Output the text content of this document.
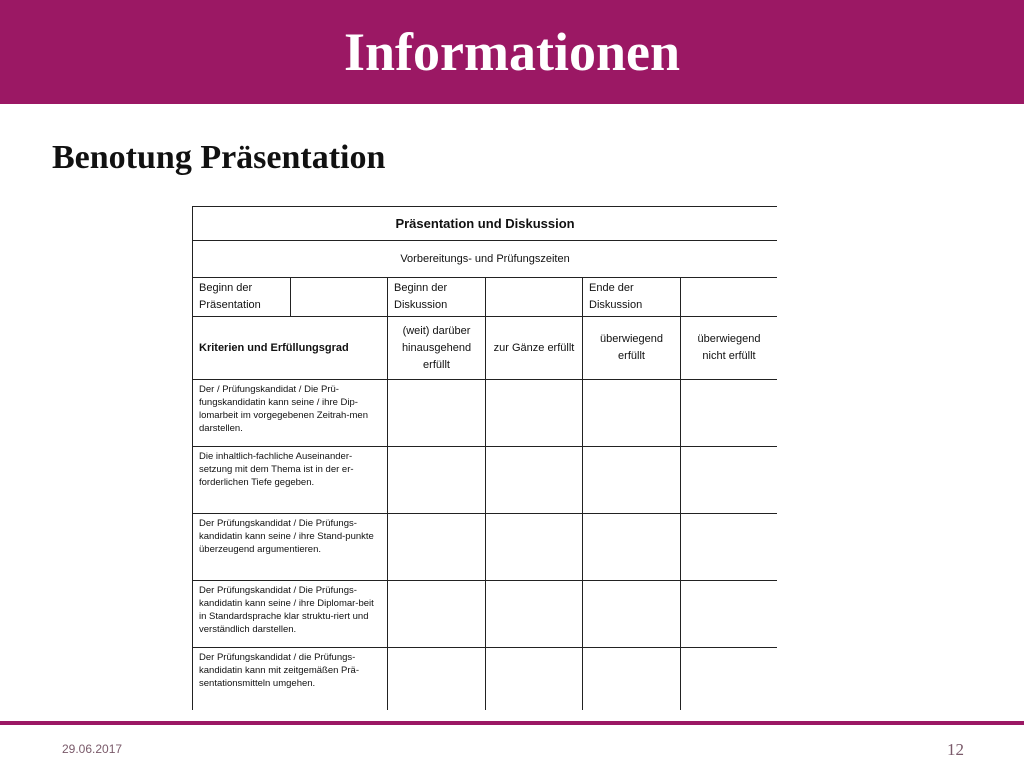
Informationen
Benotung Präsentation
Präsentation und Diskussion					
Vorbereitungs- und Prüfungszeiten					
Beginn der Präsentation		Beginn der Diskussion		Ende der Diskussion	
Kriterien und Erfüllungsgrad		(weit) darüber hinausgehend erfüllt	zur Gänze erfüllt	überwiegend erfüllt	überwiegend nicht erfüllt
Der / Prüfungskandidat / Die Prü-fungskandidatin kann seine / ihre Dip-lomarbeit im vorgegebenen Zeitrah-men darstellen.					
Die inhaltlich-fachliche Auseinander-setzung mit dem Thema ist in der er-forderlichen Tiefe gegeben.					
Der Prüfungskandidat / Die Prüfungs-kandidatin kann seine / ihre Stand-punkte überzeugend argumentieren.					
Der Prüfungskandidat / Die Prüfungs-kandidatin kann seine / ihre Diplomar-beit in Standardsprache klar struktu-riert und verständlich darstellen.					
Der Prüfungskandidat / die Prüfungs-kandidatin kann mit zeitgemäßen Prä-sentationsmitteln umgehen.					

29.06.2017	12
